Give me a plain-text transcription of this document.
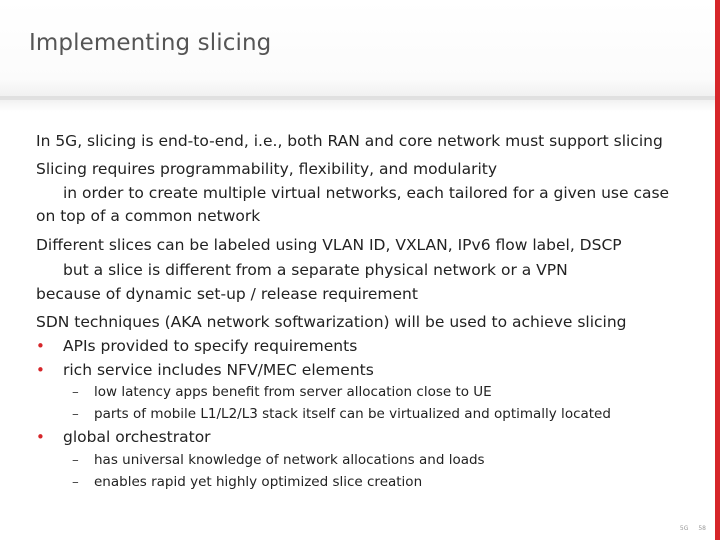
Implementing slicing
In 5G, slicing is end-to-end, i.e., both RAN and core network must support slicing
Slicing requires programmability, flexibility, and modularity
in order to create multiple virtual networks, each tailored for a given use case
on top of a common network
Different slices can be labeled using VLAN ID, VXLAN, IPv6 flow label, DSCP
but a slice is different from a separate physical network or a VPN
because of dynamic set-up / release requirement
SDN techniques (AKA network softwarization) will be used to achieve slicing
• APIs provided to specify requirements
• rich service includes NFV/MEC elements
– low latency apps benefit from server allocation close to UE
– parts of mobile L1/L2/L3 stack itself can be virtualized and optimally located
• global orchestrator
– has universal knowledge of network allocations and loads
– enables rapid yet highly optimized slice creation
5G 58
